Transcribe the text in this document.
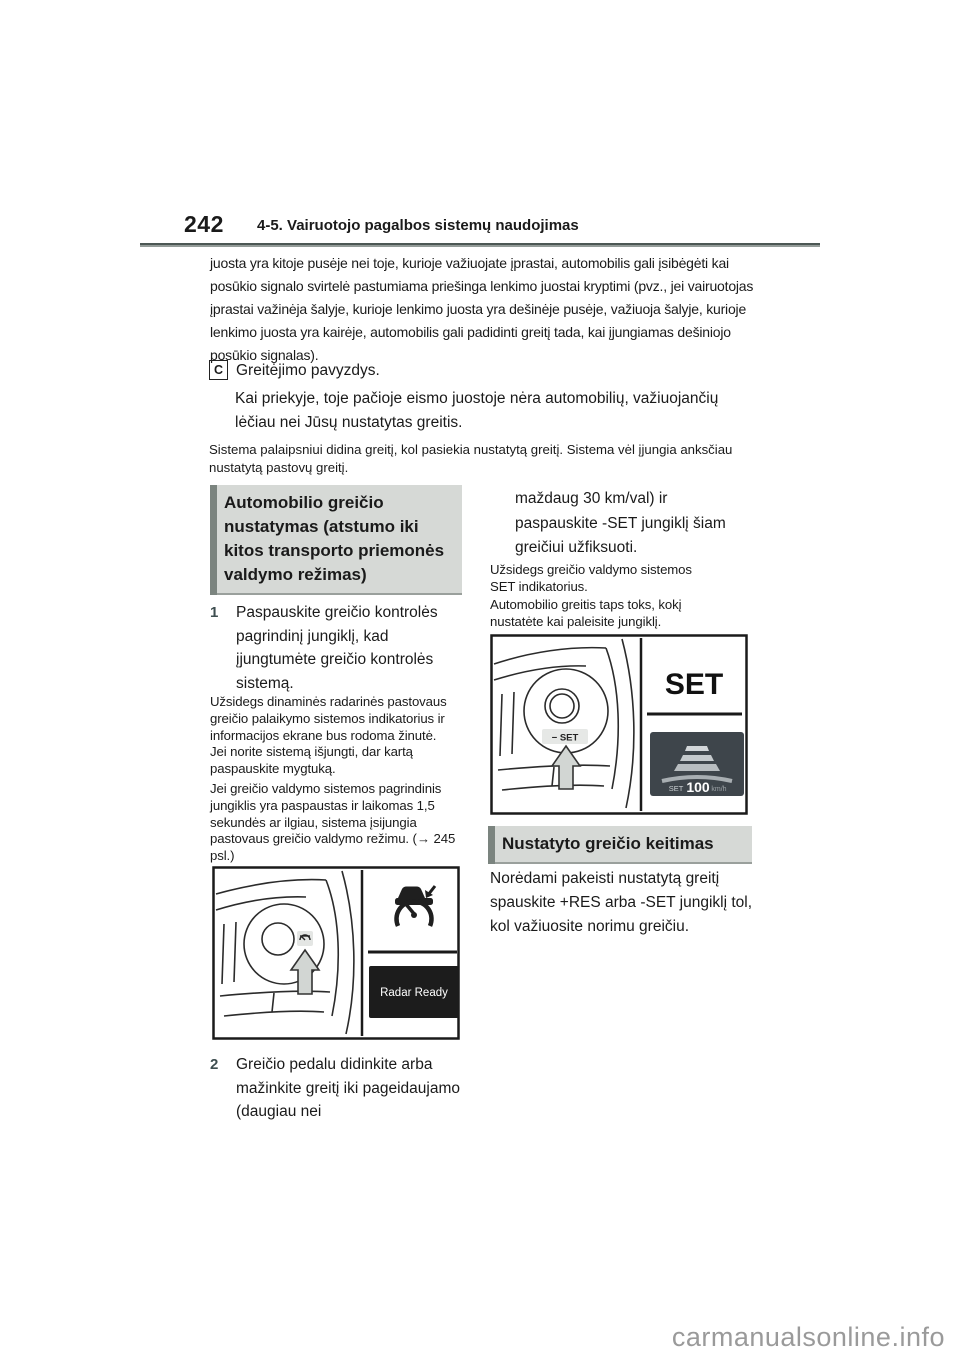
242 4-5. Vairuotojo pagalbos sistemų naudojimas
juosta yra kitoje pusėje nei toje, kurioje važiuojate įprastai, automobilis gali įsibėgėti kai posūkio signalo svirtelė pastumiama priešinga lenkimo juostai kryptimi (pvz., jei vairuotojas įprastai važinėja šalyje, kurioje lenkimo juosta yra dešinėje pusėje, važiuoja šalyje, kurioje lenkimo juosta yra kairėje, automobilis gali padidinti greitį tada, kai įjungiamas dešiniojo posūkio signalas).
C Greitėjimo pavyzdys.
Kai priekyje, toje pačioje eismo juostoje nėra automobilių, važiuojančių lėčiau nei Jūsų nustatytas greitis.
Sistema palaipsniui didina greitį, kol pasiekia nustatytą greitį. Sistema vėl įjungia anksčiau nustatytą pastovų greitį.
Automobilio greičio nustatymas (atstumo iki kitos transporto priemonės valdymo režimas)
1	Paspauskite greičio kontrolės pagrindinį jungiklį, kad įjungtumėte greičio kontrolės sistemą.
Užsidegs dinaminės radarinės pastovaus greičio palaikymo sistemos indikatorius ir informacijos ekrane bus rodoma žinutė. Jei norite sistemą išjungti, dar kartą paspauskite mygtuką.
Jei greičio valdymo sistemos pagrindinis jungiklis yra paspaustas ir laikomas 1,5 sekundės ar ilgiau, sistema įsijungia pastovaus greičio valdymo režimu. (→ 245 psl.)
Radar Ready
2	Greičio pedalu didinkite arba mažinkite greitį iki pageidaujamo (daugiau nei
maždaug 30 km/val) ir paspauskite -SET jungiklį šiam greičiui užfiksuoti.
Užsidegs greičio valdymo sistemos SET indikatorius.
Automobilio greitis taps toks, kokį nustatėte kai paleisite jungiklį.
− SET
SET
SET 100 km/h
Nustatyto greičio keitimas
Norėdami pakeisti nustatytą greitį spauskite +RES arba -SET jungiklį tol, kol važiuosite norimu greičiu.
carmanualsonline.info
